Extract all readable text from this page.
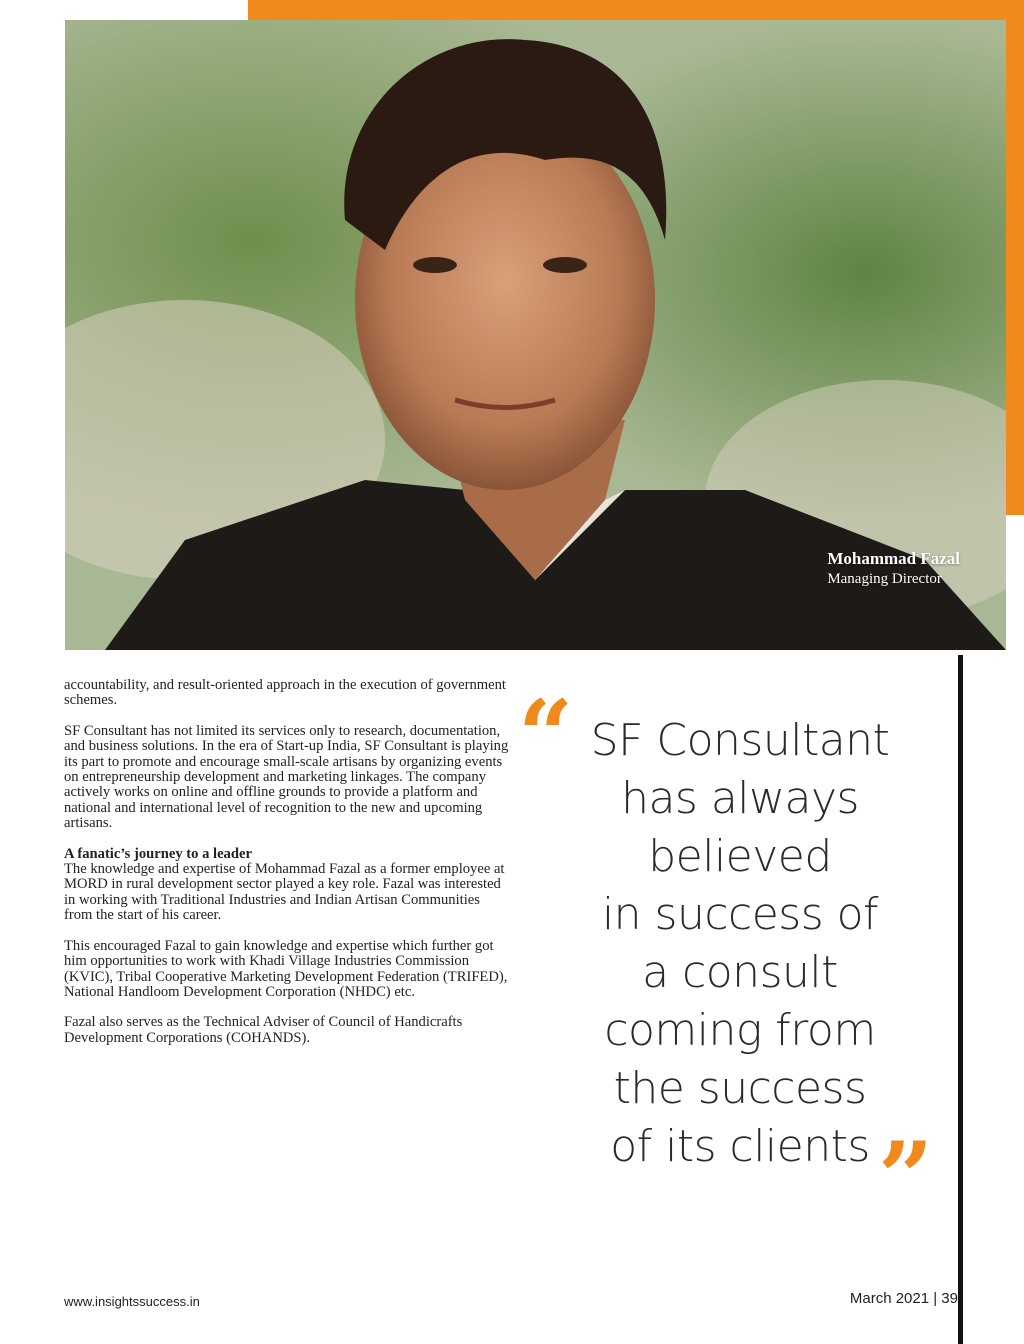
Mohammad Fazal
Managing Director

accountability, and result-oriented approach in the execution of government schemes.

SF Consultant has not limited its services only to research, documentation, and business solutions. In the era of Start-up India, SF Consultant is playing its part to promote and encourage small-scale artisans by organizing events on entrepreneurship development and marketing linkages. The company actively works on online and offline grounds to provide a platform and national and international level of recognition to the new and upcoming artisans.

A fanatic’s journey to a leader
The knowledge and expertise of Mohammad Fazal as a former employee at MORD in rural development sector played a key role. Fazal was interested in working with Traditional Industries and Indian Artisan Communities from the start of his career.

This encouraged Fazal to gain knowledge and expertise which further got him opportunities to work with Khadi Village Industries Commission (KVIC), Tribal Cooperative Marketing Development Federation (TRIFED), National Handloom Development Corporation (NHDC) etc.

Fazal also serves as the Technical Adviser of Council of Handicrafts Development Corporations (COHANDS).

“ SF Consultant
has always
believed
in success of
a consult
coming from
the success
of its clients ”
www.insightssuccess.in	March 2021 | 39
